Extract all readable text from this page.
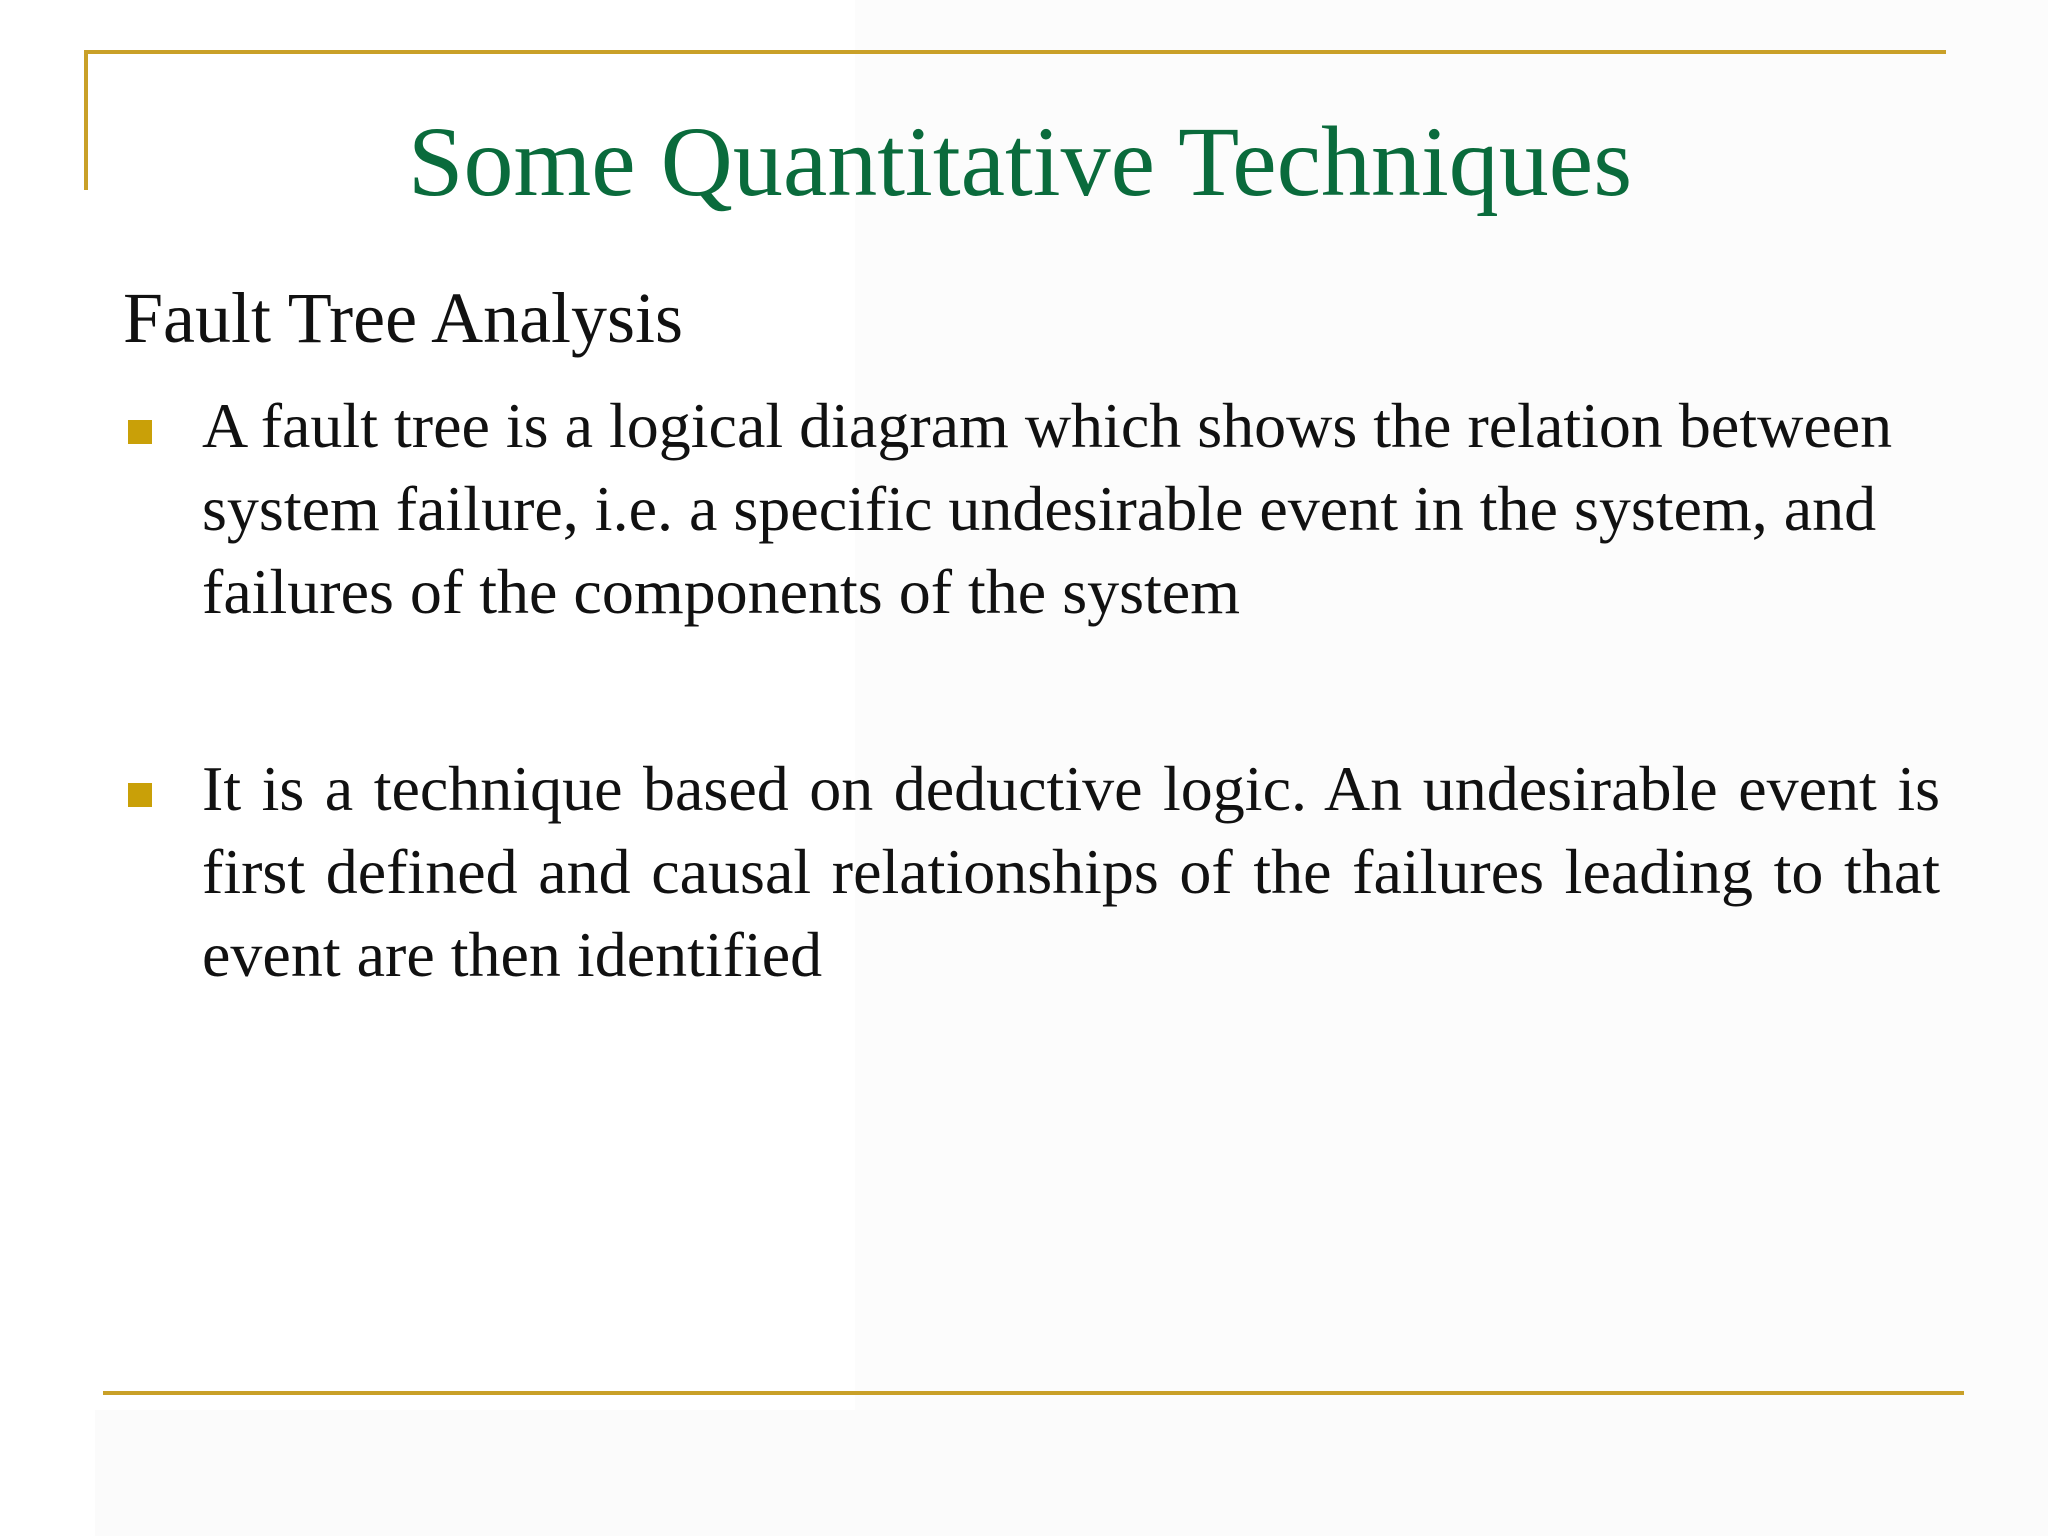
Some Quantitative Techniques
Fault Tree Analysis
A fault tree is a logical diagram which shows the relation between system failure, i.e. a specific undesirable event in the system, and failures of the components of the system
It is a technique based on deductive logic. An undesirable event is first defined and causal relationships of the failures leading to that event are then identified
